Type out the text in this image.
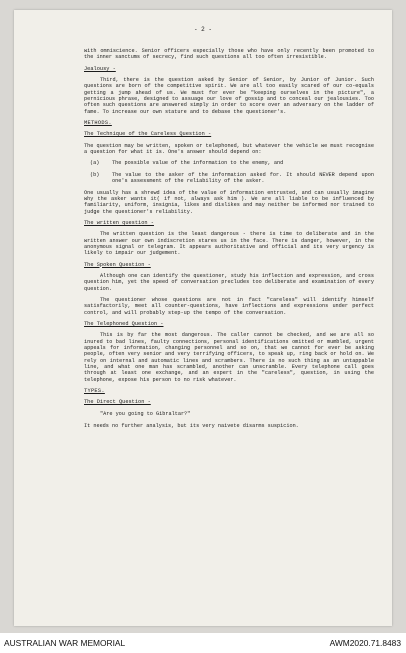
- 2 -

with omniscience. Senior officers especially those who have only recently been promoted to the inner sanctums of secrecy, find such questions all too often irresistible.

Jealousy -

Third, there is the question asked by Senior of Senior, by Junior of Junior. Such questions are born of the competitive spirit. We are all too easily scared of our co-equals getting a jump ahead of us. We must for ever be "keeping ourselves in the picture", a pernicious phrase, designed to assuage our love of gossip and to conceal our jealousies. Too often such questions are answered simply in order to score over an adversary on the ladder of fame. To increase our own stature and to debase the questioner's.

METHODS.
The Technique of the Careless Question -

The question may be written, spoken or telephoned, but whatever the vehicle we must recognise a question for what it is. One's answer should depend on:

(a)	The possible value of the information to the enemy, and
(b)	The value to the asker of the information asked for. It should NEVER depend upon one's assessment of the reliability of the asker.

One usually has a shrewd idea of the value of information entrusted, and can usually imagine why the asker wants it( if not, always ask him ). We are all liable to be influenced by familiarity, uniform, insignia, likes and dislikes and may neither be informed nor trained to judge the questioner's reliability.

The written question -

The written question is the least dangerous - there is time to deliberate and in the written answer our own indiscretion stares us in the face. There is danger, however, in the anonymous signal or telegram. It appears authoritative and official and its very urgency is likely to impair our judgement.

The Spoken Question -

Although one can identify the questioner, study his inflection and expression, and cross question him, yet the speed of conversation precludes too deliberate and examination of every question.

The questioner whose questions are not in fact "careless" will identify himself satisfactorily, meet all counter-questions, have inflections and expressions under perfect control, and will probably step-up the tempo of the conversation.

The Telephoned Question -

This is by far the most dangerous. The caller cannot be checked, and we are all so inured to bad lines, faulty connections, personal identifications omitted or mumbled, urgent appeals for information, changing personnel and so on, that we cannot for ever be asking people, often very senior and very terrifying officers, to speak up, ring back or hold on. We rely on internal and automatic lines and scrambers. There is no such thing as an untappable line, and what one man has scrambled, another can unscramble. Every telephone call goes through at least one exchange, and an expert in the "careless", question, in using the telephone, expose his person to no risk whatever.

TYPES.
The Direct Question -
"Are you going to Gibraltar?"

It needs no further analysis, but its very naivete disarms suspicion.

AUSTRALIAN WAR MEMORIAL	AWM2020.71.8483
